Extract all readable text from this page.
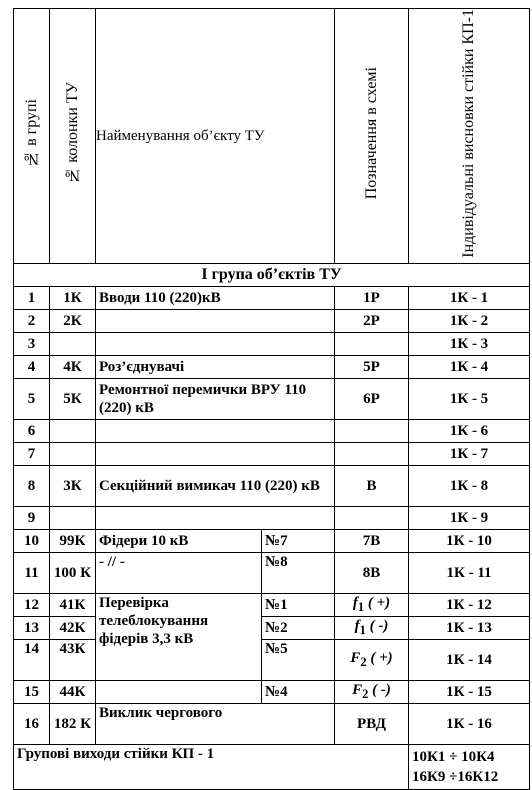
№ в групі	№ колонки ТУ	Найменування об’єкту ТУ		Позначення в схемі	Індивідуальні висновки стійки КП-1
І група об’єктів ТУ					
1	1К	Вводи 110 (220)кВ		1Р	1К - 1
2	2К			2Р	1К - 2
3					1К - 3
4	4К	Роз’єднувачі		5Р	1К - 4
5	5К	Ремонтної перемички ВРУ 110 (220) кВ		6Р	1К - 5
6					1К - 6
7					1К - 7
8	3К	Секційний вимикач 110 (220) кВ		В	1К - 8
9					1К - 9
10	99К	Фідери 10 кВ	№7	7В	1К - 10
11	100 К	- // -	№8	8В	1К - 11
12	41К	Перевірка телеблокування фідерів 3,3 кВ	№1	$f_1$ ( +)	1К - 12
13	42К		№2	$f_1$ ( -)	1К - 13
14	43К		№5	$F_2$ ( +)	1К - 14
15	44К		№4	$F_2$ ( -)	1К - 15
16	182 К	Виклик чергового		РВД	1К - 16
Групові виходи стійки КП - 1					10К1 ÷ 10К4
16К9 ÷16К12
